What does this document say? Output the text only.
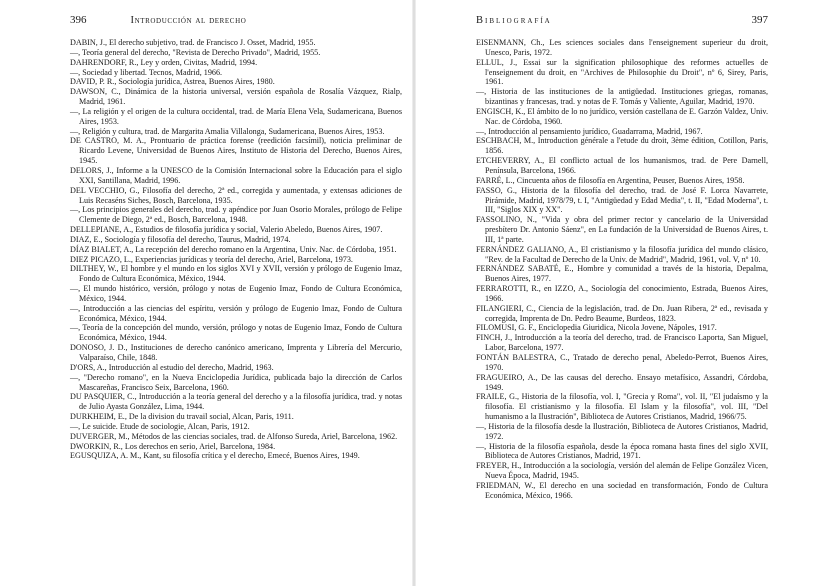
396	Introducción al derecho

DABIN, J., El derecho subjetivo, trad. de Francisco J. Osset, Madrid, 1955.

—, Teoría general del derecho, "Revista de Derecho Privado", Madrid, 1955.

DAHRENDORF, R., Ley y orden, Civitas, Madrid, 1994.

—, Sociedad y libertad. Tecnos, Madrid, 1966.

DAVID, P. R., Sociología jurídica, Astrea, Buenos Aires, 1980.

DAWSON, C., Dinámica de la historia universal, versión española de Rosalía Vázquez, Rialp, Madrid, 1961.

—, La religión y el origen de la cultura occidental, trad. de María Elena Vela, Sudamericana, Buenos Aires, 1953.

—, Religión y cultura, trad. de Margarita Amalia Villalonga, Sudamericana, Buenos Aires, 1953.

DE CASTRO, M. A., Prontuario de práctica forense (reedición facsímil), noticia preliminar de Ricardo Levene, Universidad de Buenos Aires, Instituto de Historia del Derecho, Buenos Aires, 1945.

DELORS, J., Informe a la UNESCO de la Comisión Internacional sobre la Educación para el siglo XXI, Santillana, Madrid, 1996.

DEL VECCHIO, G., Filosofía del derecho, 2ª ed., corregida y aumentada, y extensas adiciones de Luis Recaséns Siches, Bosch, Barcelona, 1935.

—, Los principios generales del derecho, trad. y apéndice por Juan Osorio Morales, prólogo de Felipe Clemente de Diego, 2ª ed., Bosch, Barcelona, 1948.

DELLEPIANE, A., Estudios de filosofía jurídica y social, Valerio Abeledo, Buenos Aires, 1907.

DIAZ, E., Sociología y filosofía del derecho, Taurus, Madrid, 1974.

DÍAZ BIALET, A., La recepción del derecho romano en la Argentina, Univ. Nac. de Córdoba, 1951.

DIEZ PICAZO, L., Experiencias jurídicas y teoría del derecho, Ariel, Barcelona, 1973.

DILTHEY, W., El hombre y el mundo en los siglos XVI y XVII, versión y prólogo de Eugenio Imaz, Fondo de Cultura Económica, México, 1944.

—, El mundo histórico, versión, prólogo y notas de Eugenio Imaz, Fondo de Cultura Económica, México, 1944.

—, Introducción a las ciencias del espíritu, versión y prólogo de Eugenio Imaz, Fondo de Cultura Económica, México, 1944.

—, Teoría de la concepción del mundo, versión, prólogo y notas de Eugenio Imaz, Fondo de Cultura Económica, México, 1944.

DONOSO, J. D., Instituciones de derecho canónico americano, Imprenta y Librería del Mercurio, Valparaíso, Chile, 1848.

D'ORS, A., Introducción al estudio del derecho, Madrid, 1963.

—, "Derecho romano", en la Nueva Enciclopedia Jurídica, publicada bajo la dirección de Carlos Mascareñas, Francisco Seix, Barcelona, 1960.

DU PASQUIER, C., Introducción a la teoría general del derecho y a la filosofía jurídica, trad. y notas de Julio Ayasta González, Lima, 1944.

DURKHEIM, E., De la division du travail social, Alcan, Paris, 1911.

—, Le suicide. Etude de sociologie, Alcan, Paris, 1912.

DUVERGER, M., Métodos de las ciencias sociales, trad. de Alfonso Sureda, Ariel, Barcelona, 1962.

DWORKIN, R., Los derechos en serio, Ariel, Barcelona, 1984.

EGUSQUIZA, A. M., Kant, su filosofía crítica y el derecho, Emecé, Buenos Aires, 1949.

Bibliografía	397

EISENMANN, Ch., Les sciences sociales dans l'enseignement superieur du droit, Unesco, Paris, 1972.

ELLUL, J., Essai sur la signification philosophique des reformes actuelles de l'enseignement du droit, en "Archives de Philosophie du Droit", nº 6, Sirey, Paris, 1961.

—, Historia de las instituciones de la antigüedad. Instituciones griegas, romanas, bizantinas y francesas, trad. y notas de F. Tomás y Valiente, Aguilar, Madrid, 1970.

ENGISCH, K., El ámbito de lo no jurídico, versión castellana de E. Garzón Valdez, Univ. Nac. de Córdoba, 1960.

—, Introducción al pensamiento jurídico, Guadarrama, Madrid, 1967.

ESCHBACH, M., Introduction générale a l'etude du droit, 3ème édition, Cotillon, Paris, 1856.

ETCHEVERRY, A., El conflicto actual de los humanismos, trad. de Pere Darnell, Península, Barcelona, 1966.

FARRÉ, L., Cincuenta años de filosofía en Argentina, Peuser, Buenos Aires, 1958.

FASSO, G., Historia de la filosofía del derecho, trad. de José F. Lorca Navarrete, Pirámide, Madrid, 1978/79, t. I, "Antigüedad y Edad Media", t. II, "Edad Moderna", t. III, "Siglos XIX y XX".

FASSOLINO, N., "Vida y obra del primer rector y cancelario de la Universidad presbítero Dr. Antonio Sáenz", en La fundación de la Universidad de Buenos Aires, t. III, 1ª parte.

FERNÁNDEZ GALIANO, A., El cristianismo y la filosofía jurídica del mundo clásico, "Rev. de la Facultad de Derecho de la Univ. de Madrid", Madrid, 1961, vol. V, nº 10.

FERNÁNDEZ SABATÉ, E., Hombre y comunidad a través de la historia, Depalma, Buenos Aires, 1977.

FERRAROTTI, R., en IZZO, A., Sociología del conocimiento, Estrada, Buenos Aires, 1966.

FILANGIERI, C., Ciencia de la legislación, trad. de Dn. Juan Ribera, 2ª ed., revisada y corregida, Imprenta de Dn. Pedro Beaume, Burdeos, 1823.

FILOMUSI, G. F., Enciclopedia Giuridica, Nicola Jovene, Nápoles, 1917.

FINCH, J., Introducción a la teoría del derecho, trad. de Francisco Laporta, San Miguel, Labor, Barcelona, 1977.

FONTÁN BALESTRA, C., Tratado de derecho penal, Abeledo-Perrot, Buenos Aires, 1970.

FRAGUEIRO, A., De las causas del derecho. Ensayo metafísico, Assandri, Córdoba, 1949.

FRAILE, G., Historia de la filosofía, vol. I, "Grecia y Roma", vol. II, "El judaísmo y la filosofía. El cristianismo y la filosofía. El Islam y la filosofía", vol. III, "Del humanismo a la Ilustración", Biblioteca de Autores Cristianos, Madrid, 1966/75.

—, Historia de la filosofía desde la Ilustración, Biblioteca de Autores Cristianos, Madrid, 1972.

—, Historia de la filosofía española, desde la época romana hasta fines del siglo XVII, Biblioteca de Autores Cristianos, Madrid, 1971.

FREYER, H., Introducción a la sociología, versión del alemán de Felipe González Vicen, Nueva Época, Madrid, 1945.

FRIEDMAN, W., El derecho en una sociedad en transformación, Fondo de Cultura Económica, México, 1966.
